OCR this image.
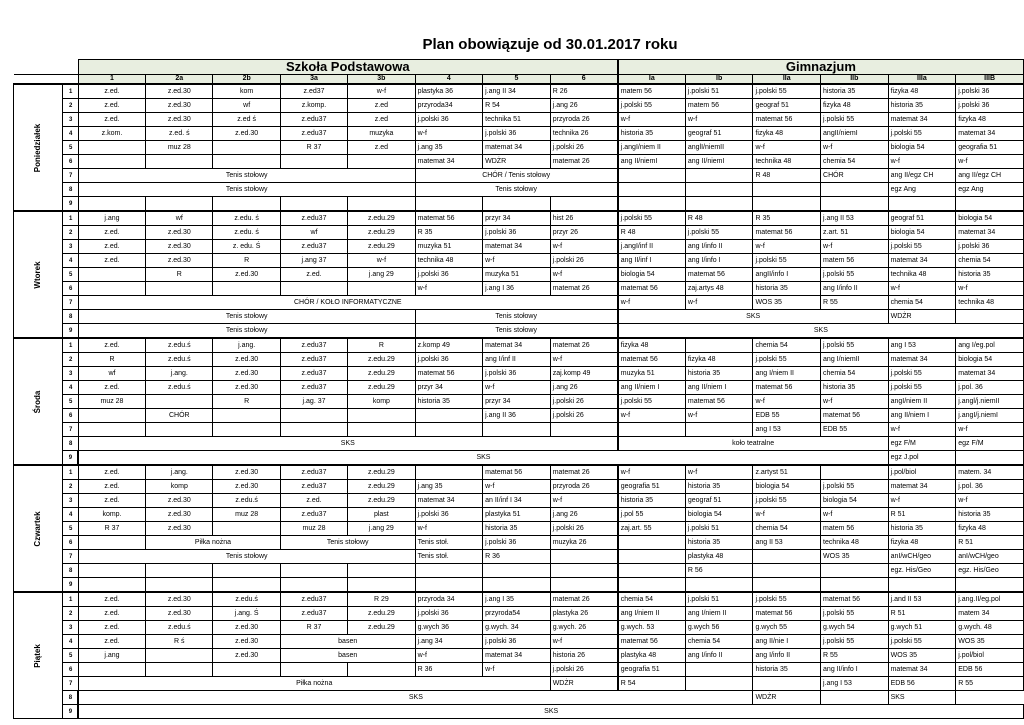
Plan obowiązuje od 30.01.2017 roku
		Szkoła Podstawowa								Gimnazjum					
		1	2a	2b	3a	3b	4	5	6	Ia	Ib	IIa	IIb	IIIa	IIIB

Poniedziałek	1	z.ed.	z.ed.30	kom	z.ed37	w-f	plastyka 36	j.ang II 34	R 26	matem 56	j.polski 51	j.polski 55	historia 35	fizyka 48	j.polski 36
	2	z.ed.	z.ed.30	wf	z.komp.	z.ed	przyroda34	R 54	j.ang 26	j.polski 55	matem 56	geograf 51	fizyka 48	historia 35	j.polski 36
	3	z.ed.	z.ed.30	z.ed ś	z.edu37	z.ed	j.polski 36	technika 51	przyroda 26	w-f	w-f	matemat 56	j.polski 55	matemat 34	fizyka 48
	4	z.kom.	z.ed. ś	z.ed.30	z.edu37	muzyka	w-f	j.polski 36	technika 26	historia 35	geograf 51	fizyka 48	angII/niemI	j.polski 55	matemat 34
	5		muz 28		R 37	z.ed	j.ang 35	matemat 34	j.polski 26	j.angI/niem II	anglI/niemII	w-f	w-f	biologia 54	geografia 51
	6						matemat 34	WDŻR	matemat 26	ang II/niemI	ang II/niemI	technika 48	chemia 54	w-f	w-f
	7	Tenis stołowy					CHÓR / Tenis stołowy					R 48	CHÓR	ang II/egz CH	ang II/egz CH
	8	Tenis stołowy					Tenis stołowy							egz Ang	egz Ang
	9														

Wtorek	1	j.ang	wf	z.edu. ś	z.edu37	z.edu.29	matemat 56	przyr 34	hist 26	j.polski 55	R 48	R 35	j.ang II 53	geograf 51	biologia 54
	2	z.ed.	z.ed.30	z.edu. ś	wf	z.edu.29	R 35	j.polski 36	przyr 26	R 48	j.polski 55	matemat 56	z.art. 51	biologia 54	matemat 34
	3	z.ed.	z.ed.30	z. edu. Ś	z.edu37	z.edu.29	muzyka 51	matemat 34	w-f	j.angI/inf II	ang I/info II	w-f	w-f	j.polski 55	j.polski 36
	4	z.ed.	z.ed.30	R	j.ang 37	w-f	technika 48	w-f	j.polski 26	ang II/inf I	ang I/info I	j.polski 55	matem 56	matemat 34	chemia 54
	5		R	z.ed.30	z.ed.	j.ang 29	j.polski 36	muzyka 51	w-f	biologia 54	matemat 56	angII/info I	j.polski 55	technika 48	historia 35
	6						w-f	j.ang I 36	matemat 26	matemat 56	zaj.artys 48	historia 35	ang I/info II	w-f	w-f
	7	CHÓR / KOŁO INFORMATYCZNE								w-f	w-f	WOS 35	R 55	chemia 54	technika 48
	8	Tenis stołowy					Tenis stołowy			SKS				WDŻR	
	9	Tenis stołowy					Tenis stołowy			SKS					

Środa	1	z.ed.	z.edu.ś	j.ang.	z.edu37	R	z.komp 49	matemat 34	matemat 26	fizyka 48		chemia 54	j.polski 55	ang I 53	ang I/eg.pol
	2	R	z.edu.ś	z.ed.30	z.edu37	z.edu.29	j.polski 36	ang I/inf II	w-f	matemat 56	fizyka 48	j.polski 55	ang I/niemII	matemat 34	biologia 54
	3	wf	j.ang.	z.ed.30	z.edu37	z.edu.29	matemat 56	j.polski 36	zaj.komp 49	muzyka 51	historia 35	ang I/niem II	chemia 54	j.polski 55	matemat 34
	4	z.ed.	z.edu.ś	z.ed.30	z.edu37	z.edu.29	przyr 34	w-f	j.ang 26	ang II/niem I	ang II/niem I	matemat 56	historia 35	j.polski 55	j.pol. 36
	5	muz 28		R	j.ag. 37	komp	historia 35	przyr 34	j.polski 26	j.polski 55	matemat 56	w-f	w-f	angI/niem II	j.angl/j.niemII
	6		CHÓR					j.ang II 36	j.polski 26	w-f	w-f	EDB 55	matemat 56	ang II/niem I	j.angI/j.niemI
	7											ang I 53	EDB 55	w-f	w-f
	8	SKS								koło teatralne				egz F/M	egz F/M
	9	SKS												egz J.pol	

Czwartek	1	z.ed.	j.ang.	z.ed.30	z.edu37	z.edu.29		matemat 56	matemat 26	w-f	w-f	z.artyst 51		j.pol/biol	matem. 34
	2	z.ed.	komp	z.ed.30	z.edu37	z.edu.29	j.ang 35	w-f	przyroda 26	geografia 51	historia 35	biologia 54	j.polski 55	matemat 34	j.pol. 36
	3	z.ed.	z.ed.30	z.edu.ś	z.ed.	z.edu.29	matemat 34	an II/inf I 34	w-f	historia 35	geograf 51	j.polski 55	biologia 54	w-f	w-f
	4	komp.	z.ed.30	muz 28	z.edu37	plast	j.polski 36	plastyka 51	j.ang 26	j.pol 55	biologia 54	w-f	w-f	R 51	historia 35
	5	R 37	z.ed.30		muz 28	j.ang 29	w-f	historia 35	j.polski 26	zaj.art. 55	j.polski 51	chemia 54	matem 56	historia 35	fizyka 48
	6		Piłka nożna		Tenis stołowy		Tenis stoł.	j.polski 36	muzyka 26		historia 35	ang II 53	technika 48	fizyka 48	R 51
	7	Tenis stołowy					Tenis stoł.	R 36			plastyka 48		WOS 35	anI/wCH/geo	anI/wCH/geo
	8										R 56			egz. His/Geo	egz. His/Geo
	9														

Piątek	1	z.ed.	z.ed.30	z.edu.ś	z.edu37	R 29	przyroda 34	j.ang I 35	matemat 26	chemia 54	j.polski 51	j.polski 55	matemat 56	j.and II 53	j.ang.II/eg.pol
	2	z.ed.	z.ed.30	j.ang. Ś	z.edu37	z.edu.29	j.polski 36	przyroda54	plastyka 26	ang I/niem II	ang I/niem II	matemat 56	j.polski 55	R 51	matem 34
	3	z.ed.	z.edu.ś	z.ed.30	R 37	z.edu.29	g.wych 36	g.wych. 34	g.wych. 26	g.wych. 53	g.wych 56	g.wych 55	g.wych 54	g.wych 51	g.wych. 48
	4	z.ed.	R ś	z.ed.30	basen		j.ang 34	j.polski 36	w-f	matemat 56	chemia 54	ang II/nie I	j.polski 55	j.polski 55	WOS 35
	5	j.ang		z.ed.30	basen		w-f	matemat 34	historia 26	plastyka 48	ang I/info II	ang I/info II	R 55	WOS 35	j.pol/biol
	6						R 36	w-f	j.polski 26	geografia 51		historia 35	ang II/info I	matemat 34	EDB 56
	7	Piłka nożna							WDŻR	R 54			j.ang I 53	EDB 56	R 55
	8	SKS										WDŻR		SKS	
	9	SKS													
